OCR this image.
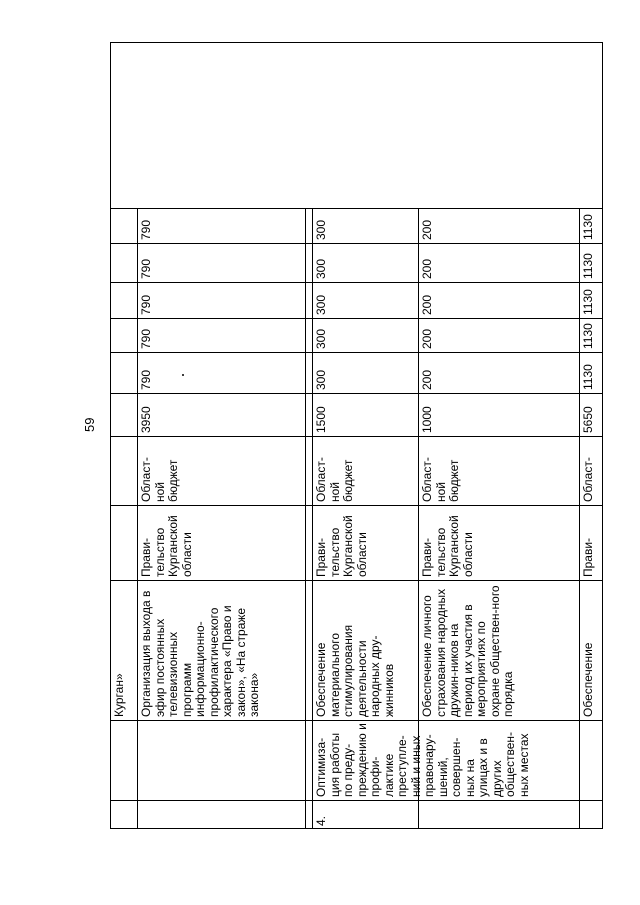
59
Курган» Организация выхода в эфир постоянных телевизионных программ информационно-профилактического характера «Право и закон», «На страже закона»
Прави-тельство Курганской области
Област-ной бюджет
3950
790
790
790
790
790
4.
Оптимиза-ция работы по преду-преждению и профи-лактике преступле-ний и иных правонару-шений, совершен-ных на улицах и в других обществен-ных местах
Обеспечение материального стимулирования деятельности народных дру-жинников
Прави-тельство Курганской области
Област-ной бюджет
1500
300
300
300
300
300
Обеспечение личного страхования народных дружин-ников на период их участия в мероприятиях по охране обществен-ного порядка
Прави-тельство Курганской области
Област-ной бюджет
1000
200
200
200
200
200
Обеспечение
Прави-
Област-
5650
1130
1130
1130
1130
1130
